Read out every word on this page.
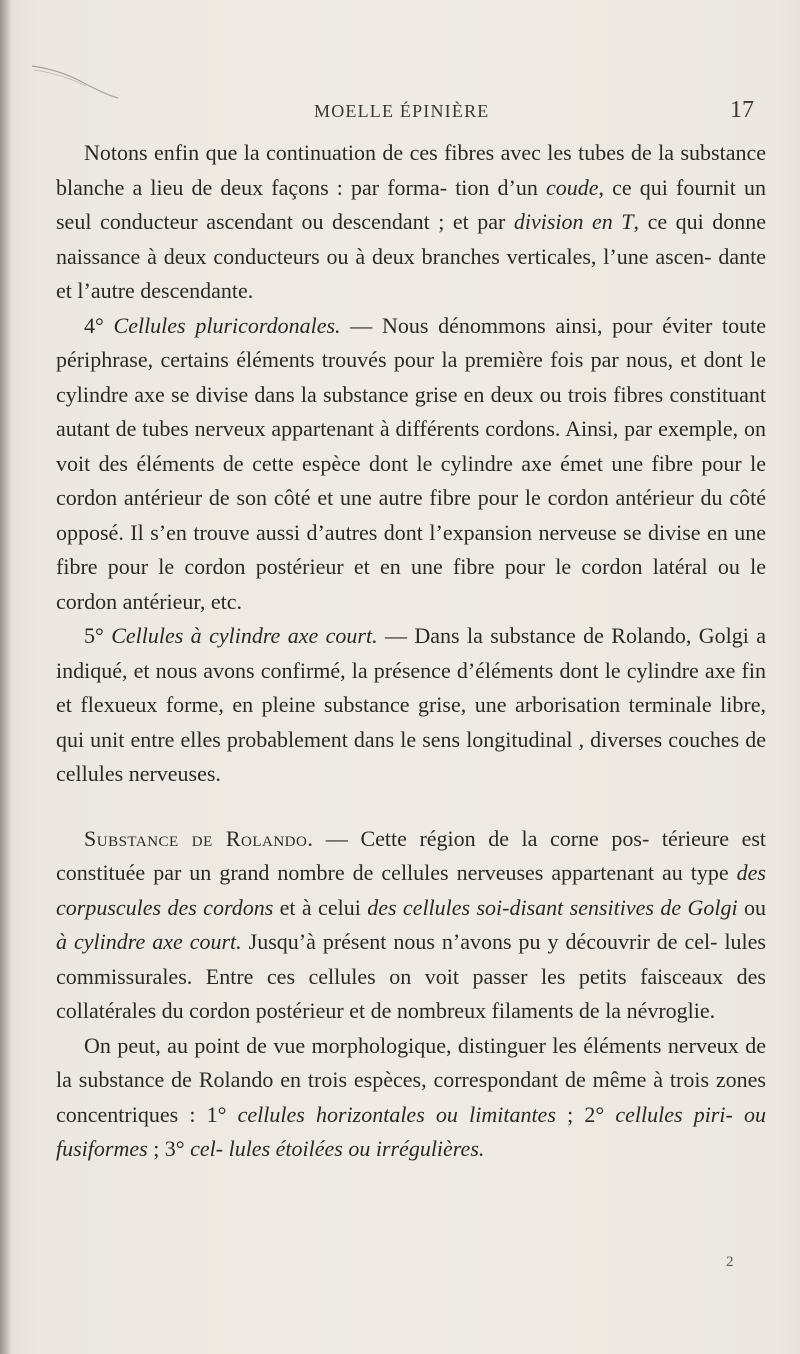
MOELLE ÉPINIÈRE	17

Notons enfin que la continuation de ces fibres avec les tubes de la substance blanche a lieu de deux façons : par forma- tion d’un coude, ce qui fournit un seul conducteur ascendant ou descendant ; et par division en T, ce qui donne naissance à deux conducteurs ou à deux branches verticales, l’une ascen- dante et l’autre descendante.

4° Cellules pluricordonales. — Nous dénommons ainsi, pour éviter toute périphrase, certains éléments trouvés pour la première fois par nous, et dont le cylindre axe se divise dans la substance grise en deux ou trois fibres constituant autant de tubes nerveux appartenant à différents cordons. Ainsi, par exemple, on voit des éléments de cette espèce dont le cylindre axe émet une fibre pour le cordon antérieur de son côté et une autre fibre pour le cordon antérieur du côté opposé. Il s’en trouve aussi d’autres dont l’expansion nerveuse se divise en une fibre pour le cordon postérieur et en une fibre pour le cordon latéral ou le cordon antérieur, etc.

5° Cellules à cylindre axe court. — Dans la substance de Rolando, Golgi a indiqué, et nous avons confirmé, la présence d’éléments dont le cylindre axe fin et flexueux forme, en pleine substance grise, une arborisation terminale libre, qui unit entre elles probablement dans le sens longitudinal , diverses couches de cellules nerveuses.

Substance de Rolando. — Cette région de la corne pos- térieure est constituée par un grand nombre de cellules nerveuses appartenant au type des corpuscules des cordons et à celui des cellules soi-disant sensitives de Golgi ou à cylindre axe court. Jusqu’à présent nous n’avons pu y découvrir de cel- lules commissurales. Entre ces cellules on voit passer les petits faisceaux des collatérales du cordon postérieur et de nombreux filaments de la névroglie.

On peut, au point de vue morphologique, distinguer les éléments nerveux de la substance de Rolando en trois espèces, correspondant de même à trois zones concentriques : 1° cellules horizontales ou limitantes ; 2° cellules piri- ou fusiformes ; 3° cel- lules étoilées ou irrégulières.

2
